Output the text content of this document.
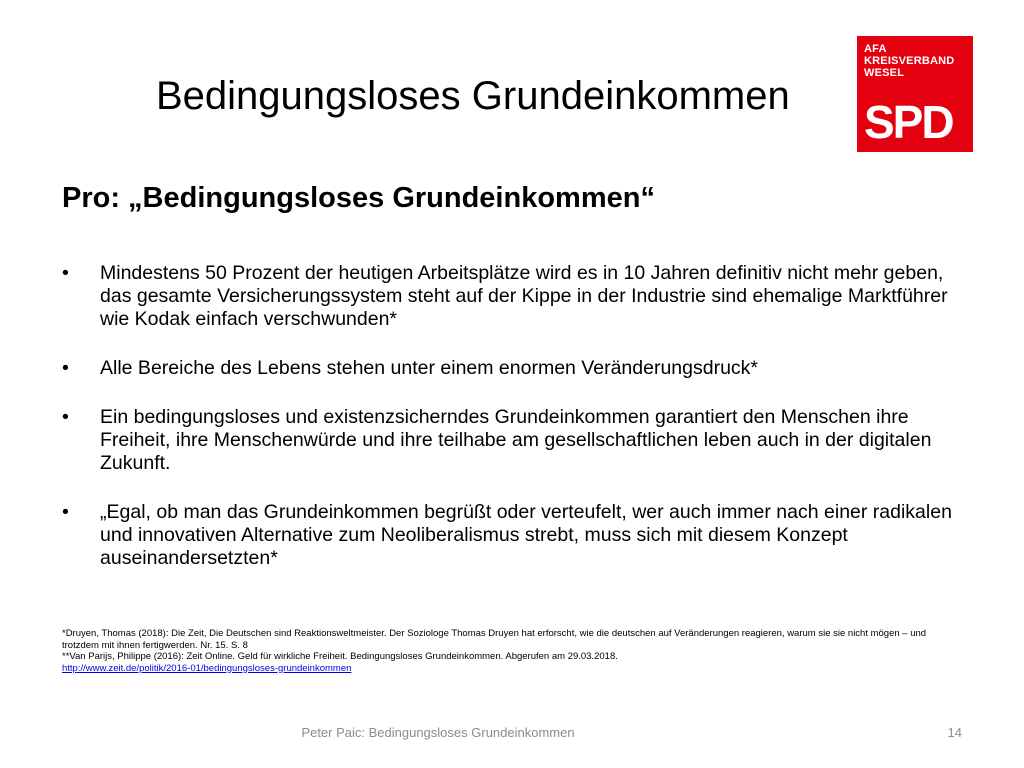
Bedingungsloses Grundeinkommen
AFA
KREISVERBAND
WESEL
SPD
Pro: „Bedingungsloses Grundeinkommen“
• Mindestens 50 Prozent der heutigen Arbeitsplätze wird es in 10 Jahren definitiv nicht mehr geben, das gesamte Versicherungssystem steht auf der Kippe in der Industrie sind ehemalige Marktführer wie Kodak einfach verschwunden*
• Alle Bereiche des Lebens stehen unter einem enormen Veränderungsdruck*
• Ein bedingungsloses und existenzsicherndes Grundeinkommen garantiert den Menschen ihre Freiheit, ihre Menschenwürde und ihre teilhabe am gesellschaftlichen leben auch in der digitalen Zukunft.
• „Egal, ob man das Grundeinkommen begrüßt oder verteufelt, wer auch immer nach einer radikalen und innovativen Alternative zum Neoliberalismus strebt, muss sich mit diesem Konzept auseinandersetzten*
*Druyen, Thomas (2018): Die Zeit, Die Deutschen sind Reaktionsweltmeister. Der Soziologe Thomas Druyen hat erforscht, wie die deutschen auf Veränderungen reagieren, warum sie sie nicht mögen – und trotzdem mit ihnen fertigwerden. Nr. 15. S. 8
**Van Parijs, Philippe (2016): Zeit Online. Geld für wirkliche Freiheit. Bedingungsloses Grundeinkommen. Abgerufen am 29.03.2018.
http://www.zeit.de/politik/2016-01/bedingungsloses-grundeinkommen
Peter Paic: Bedingungsloses Grundeinkommen	14
